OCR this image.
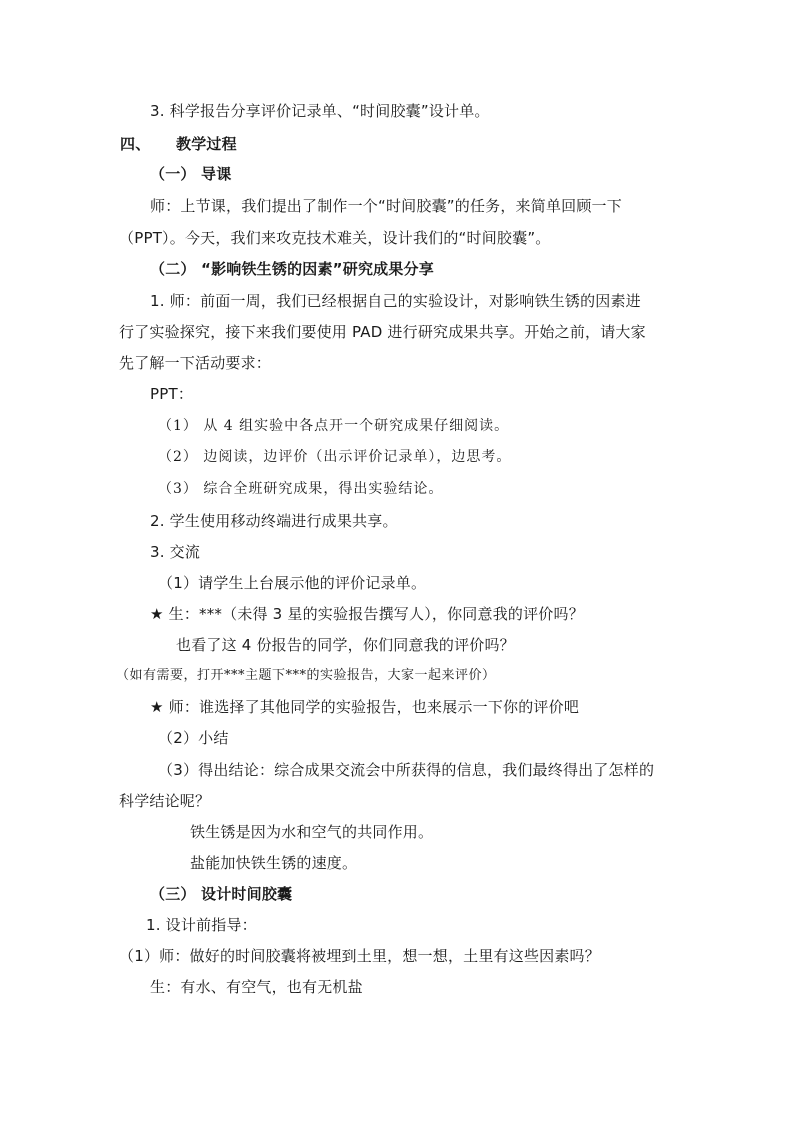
3. 科学报告分享评价记录单、“时间胶囊”设计单。
四、 教学过程
（一） 导课
师：上节课，我们提出了制作一个“时间胶囊”的任务，来简单回顾一下
（PPT）。今天，我们来攻克技术难关，设计我们的“时间胶囊”。
（二） “影响铁生锈的因素”研究成果分享
1. 师：前面一周，我们已经根据自己的实验设计，对影响铁生锈的因素进
行了实验探究，接下来我们要使用 PAD 进行研究成果共享。开始之前，请大家
先了解一下活动要求：
PPT：
（1） 从 4 组实验中各点开一个研究成果仔细阅读。
（2） 边阅读，边评价（出示评价记录单），边思考。
（3） 综合全班研究成果，得出实验结论。
2. 学生使用移动终端进行成果共享。
3. 交流
（1）请学生上台展示他的评价记录单。
★ 生：***（未得 3 星的实验报告撰写人），你同意我的评价吗？
也看了这 4 份报告的同学，你们同意我的评价吗？
（如有需要，打开***主题下***的实验报告，大家一起来评价）
★ 师：谁选择了其他同学的实验报告，也来展示一下你的评价吧
（2）小结
（3）得出结论：综合成果交流会中所获得的信息，我们最终得出了怎样的
科学结论呢？
铁生锈是因为水和空气的共同作用。
盐能加快铁生锈的速度。
（三） 设计时间胶囊
1. 设计前指导：
（1）师：做好的时间胶囊将被埋到土里，想一想，土里有这些因素吗？
生：有水、有空气，也有无机盐
